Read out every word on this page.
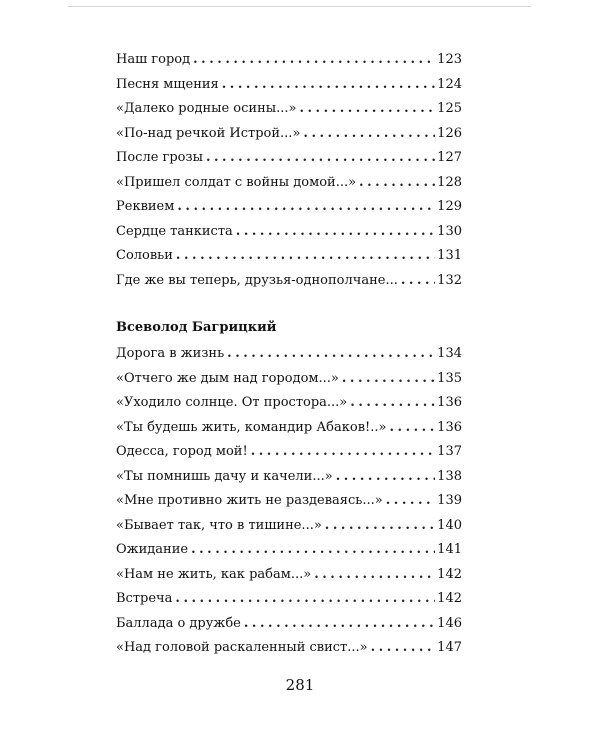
Наш город . . .	123
Песня мщения . . .	124
«Далеко родные осины...» . . .	125
«По-над речкой Истрой...» . . .	126
После грозы . . .	127
«Пришел солдат с войны домой...» . . .	128
Реквием . . .	129
Сердце танкиста . . .	130
Соловьи . . .	131
Где же вы теперь, друзья-однополчане... . . .	132
Всеволод Багрицкий
Дорога в жизнь . . .	134
«Отчего же дым над городом...» . . .	135
«Уходило солнце. От простора...» . . .	136
«Ты будешь жить, командир Абаков!..» . . .	136
Одесса, город мой! . . .	137
«Ты помнишь дачу и качели...» . . .	138
«Мне противно жить не раздеваясь...» . . .	139
«Бывает так, что в тишине...» . . .	140
Ожидание . . .	141
«Нам не жить, как рабам...» . . .	142
Встреча . . .	142
Баллада о дружбе . . .	146
«Над головой раскаленный свист...» . . .	147
281
